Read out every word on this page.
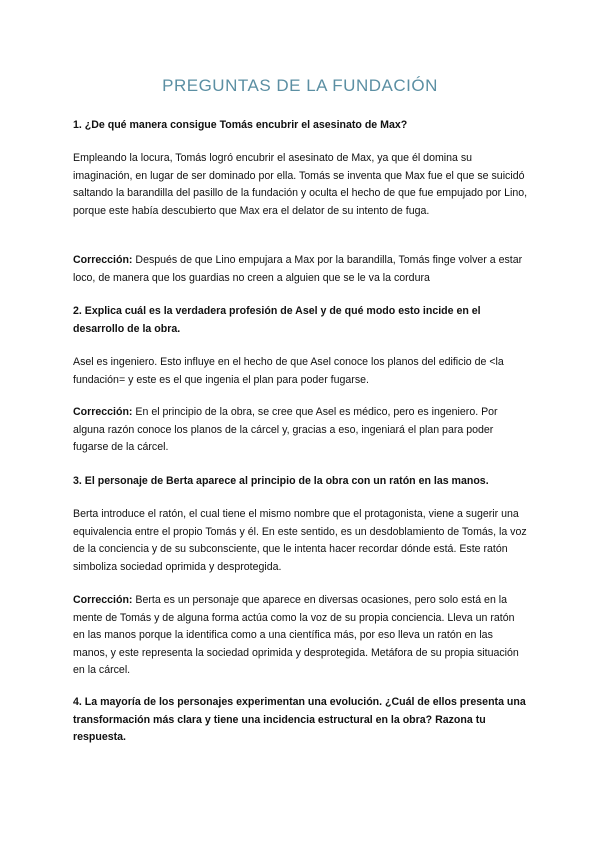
PREGUNTAS DE LA FUNDACIÓN
1. ¿De qué manera consigue Tomás encubrir el asesinato de Max?
Empleando la locura, Tomás logró encubrir el asesinato de Max, ya que él domina su imaginación, en lugar de ser dominado por ella. Tomás se inventa que Max fue el que se suicidó saltando la barandilla del pasillo de la fundación y oculta el hecho de que fue empujado por Lino, porque este había descubierto que Max era el delator de su intento de fuga.
Corrección: Después de que Lino empujara a Max por la barandilla, Tomás finge volver a estar loco, de manera que los guardias no creen a alguien que se le va la cordura
2. Explica cuál es la verdadera profesión de Asel y de qué modo esto incide en el desarrollo de la obra.
Asel es ingeniero. Esto influye en el hecho de que Asel conoce los planos del edificio de <la fundación= y este es el que ingenia el plan para poder fugarse.
Corrección: En el principio de la obra, se cree que Asel es médico, pero es ingeniero. Por alguna razón conoce los planos de la cárcel y, gracias a eso, ingeniará el plan para poder fugarse de la cárcel.
3. El personaje de Berta aparece al principio de la obra con un ratón en las manos.
Berta introduce el ratón, el cual tiene el mismo nombre que el protagonista, viene a sugerir una equivalencia entre el propio Tomás y él. En este sentido, es un desdoblamiento de Tomás, la voz de la conciencia y de su subconsciente, que le intenta hacer recordar dónde está. Este ratón simboliza sociedad oprimida y desprotegida.
Corrección: Berta es un personaje que aparece en diversas ocasiones, pero solo está en la mente de Tomás y de alguna forma actúa como la voz de su propia conciencia. Lleva un ratón en las manos porque la identifica como a una científica más, por eso lleva un ratón en las manos, y este representa la sociedad oprimida y desprotegida. Metáfora de su propia situación en la cárcel.
4. La mayoría de los personajes experimentan una evolución. ¿Cuál de ellos presenta una transformación más clara y tiene una incidencia estructural en la obra? Razona tu respuesta.
